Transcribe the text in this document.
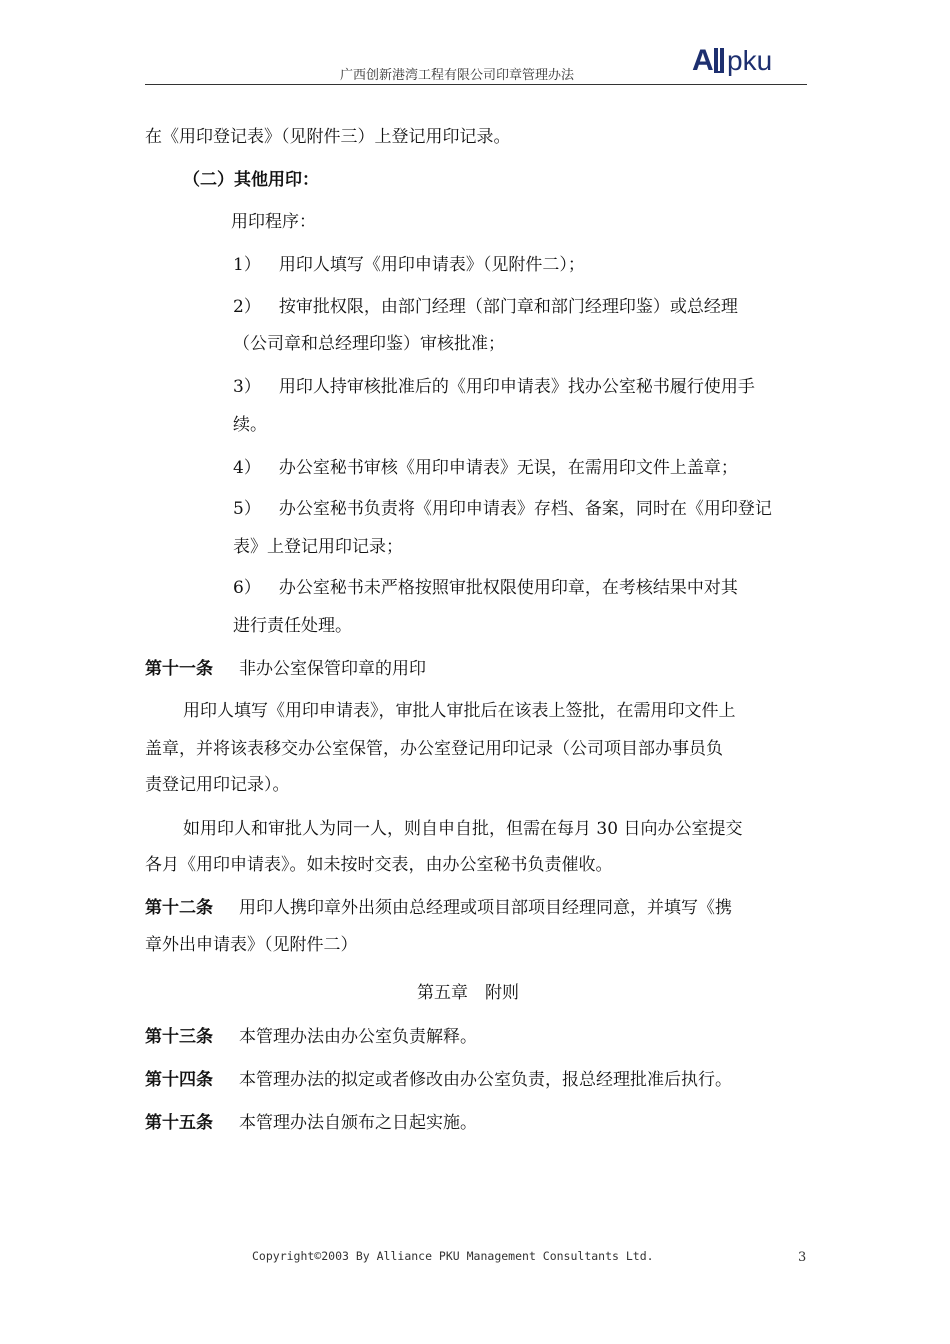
广西创新港湾工程有限公司印章管理办法	A pku
在《用印登记表》（见附件三）上登记用印记录。
（二）其他用印：
用印程序：
1） 用印人填写《用印申请表》（见附件二）；
2） 按审批权限，由部门经理（部门章和部门经理印鉴）或总经理
（公司章和总经理印鉴）审核批准；
3） 用印人持审核批准后的《用印申请表》找办公室秘书履行使用手
续。
4） 办公室秘书审核《用印申请表》无误，在需用印文件上盖章；
5） 办公室秘书负责将《用印申请表》存档、备案，同时在《用印登记
表》上登记用印记录；
6） 办公室秘书未严格按照审批权限使用印章，在考核结果中对其
进行责任处理。
第十一条 非办公室保管印章的用印
用印人填写《用印申请表》，审批人审批后在该表上签批，在需用印文件上
盖章，并将该表移交办公室保管，办公室登记用印记录（公司项目部办事员负
责登记用印记录）。
如用印人和审批人为同一人，则自申自批，但需在每月 30 日向办公室提交
各月《用印申请表》。如未按时交表，由办公室秘书负责催收。
第十二条 用印人携印章外出须由总经理或项目部项目经理同意，并填写《携
章外出申请表》（见附件二）
第五章　附则
第十三条 本管理办法由办公室负责解释。
第十四条 本管理办法的拟定或者修改由办公室负责，报总经理批准后执行。
第十五条 本管理办法自颁布之日起实施。
Copyright©2003 By Alliance PKU Management Consultants Ltd.	3
